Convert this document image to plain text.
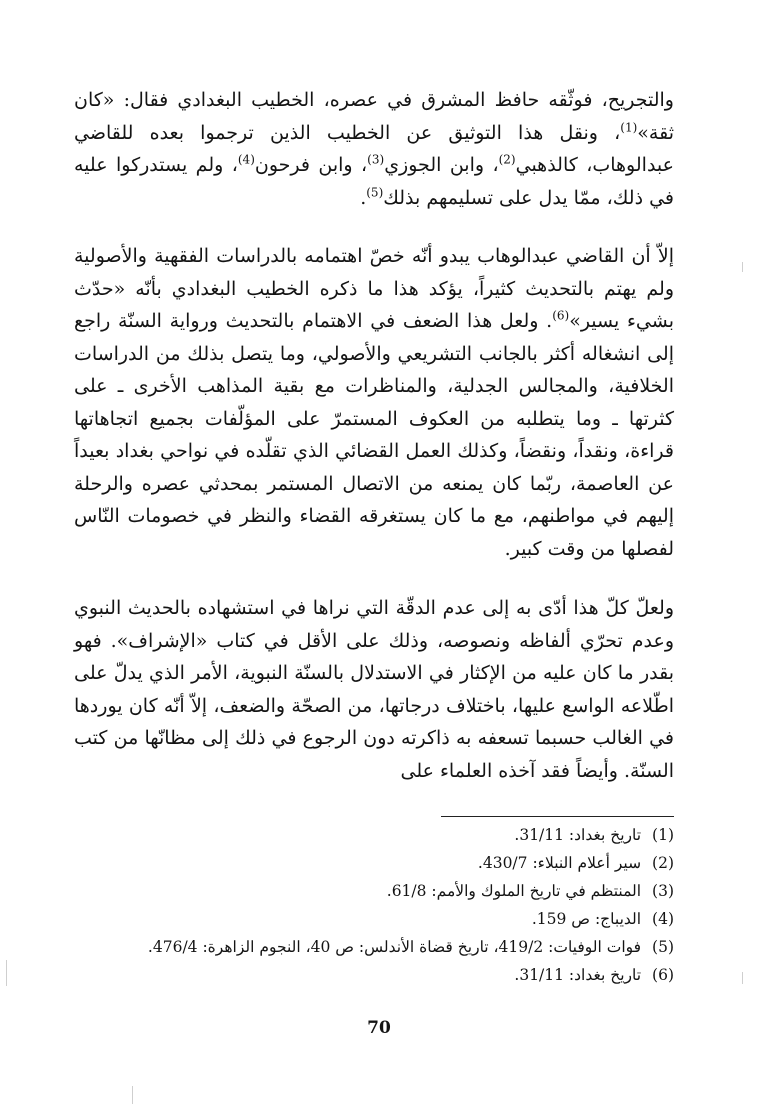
والتجريح، فوثّقه حافظ المشرق في عصره، الخطيب البغدادي فقال: «كان ثقة»$^{(1)}$، ونقل هذا التوثيق عن الخطيب الذين ترجموا بعده للقاضي عبدالوهاب، كالذهبي$^{(2)}$، وابن الجوزي$^{(3)}$، وابن فرحون$^{(4)}$، ولم يستدركوا عليه في ذلك، ممّا يدل على تسليمهم بذلك$^{(5)}$.

إلاّ أن القاضي عبدالوهاب يبدو أنّه خصّ اهتمامه بالدراسات الفقهية والأصولية ولم يهتم بالتحديث كثيراً، يؤكد هذا ما ذكره الخطيب البغدادي بأنّه «حدّث بشيء يسير»$^{(6)}$. ولعل هذا الضعف في الاهتمام بالتحديث ورواية السنّة راجع إلى انشغاله أكثر بالجانب التشريعي والأصولي، وما يتصل بذلك من الدراسات الخلافية، والمجالس الجدلية، والمناظرات مع بقية المذاهب الأخرى ـ على كثرتها ـ وما يتطلبه من العكوف المستمرّ على المؤلّفات بجميع اتجاهاتها قراءة، ونقداً، ونقضاً، وكذلك العمل القضائي الذي تقلّده في نواحي بغداد بعيداً عن العاصمة، ربّما كان يمنعه من الاتصال المستمر بمحدثي عصره والرحلة إليهم في مواطنهم، مع ما كان يستغرقه القضاء والنظر في خصومات النّاس لفصلها من وقت كبير.

ولعلّ كلّ هذا أدّى به إلى عدم الدقّة التي نراها في استشهاده بالحديث النبوي وعدم تحرّي ألفاظه ونصوصه، وذلك على الأقل في كتاب «الإشراف». فهو بقدر ما كان عليه من الإكثار في الاستدلال بالسنّة النبوية، الأمر الذي يدلّ على اطّلاعه الواسع عليها، باختلاف درجاتها، من الصحّة والضعف، إلاّ أنّه كان يوردها في الغالب حسبما تسعفه به ذاكرته دون الرجوع في ذلك إلى مظانّها من كتب السنّة. وأيضاً فقد آخذه العلماء على

(1) تاريخ بغداد: 31/11.
(2) سير أعلام النبلاء: 430/7.
(3) المنتظم في تاريخ الملوك والأمم: 61/8.
(4) الديباج: ص 159.
(5) فوات الوفيات: 419/2، تاريخ قضاة الأندلس: ص 40، النجوم الزاهرة: 476/4.
(6) تاريخ بغداد: 31/11.
70
